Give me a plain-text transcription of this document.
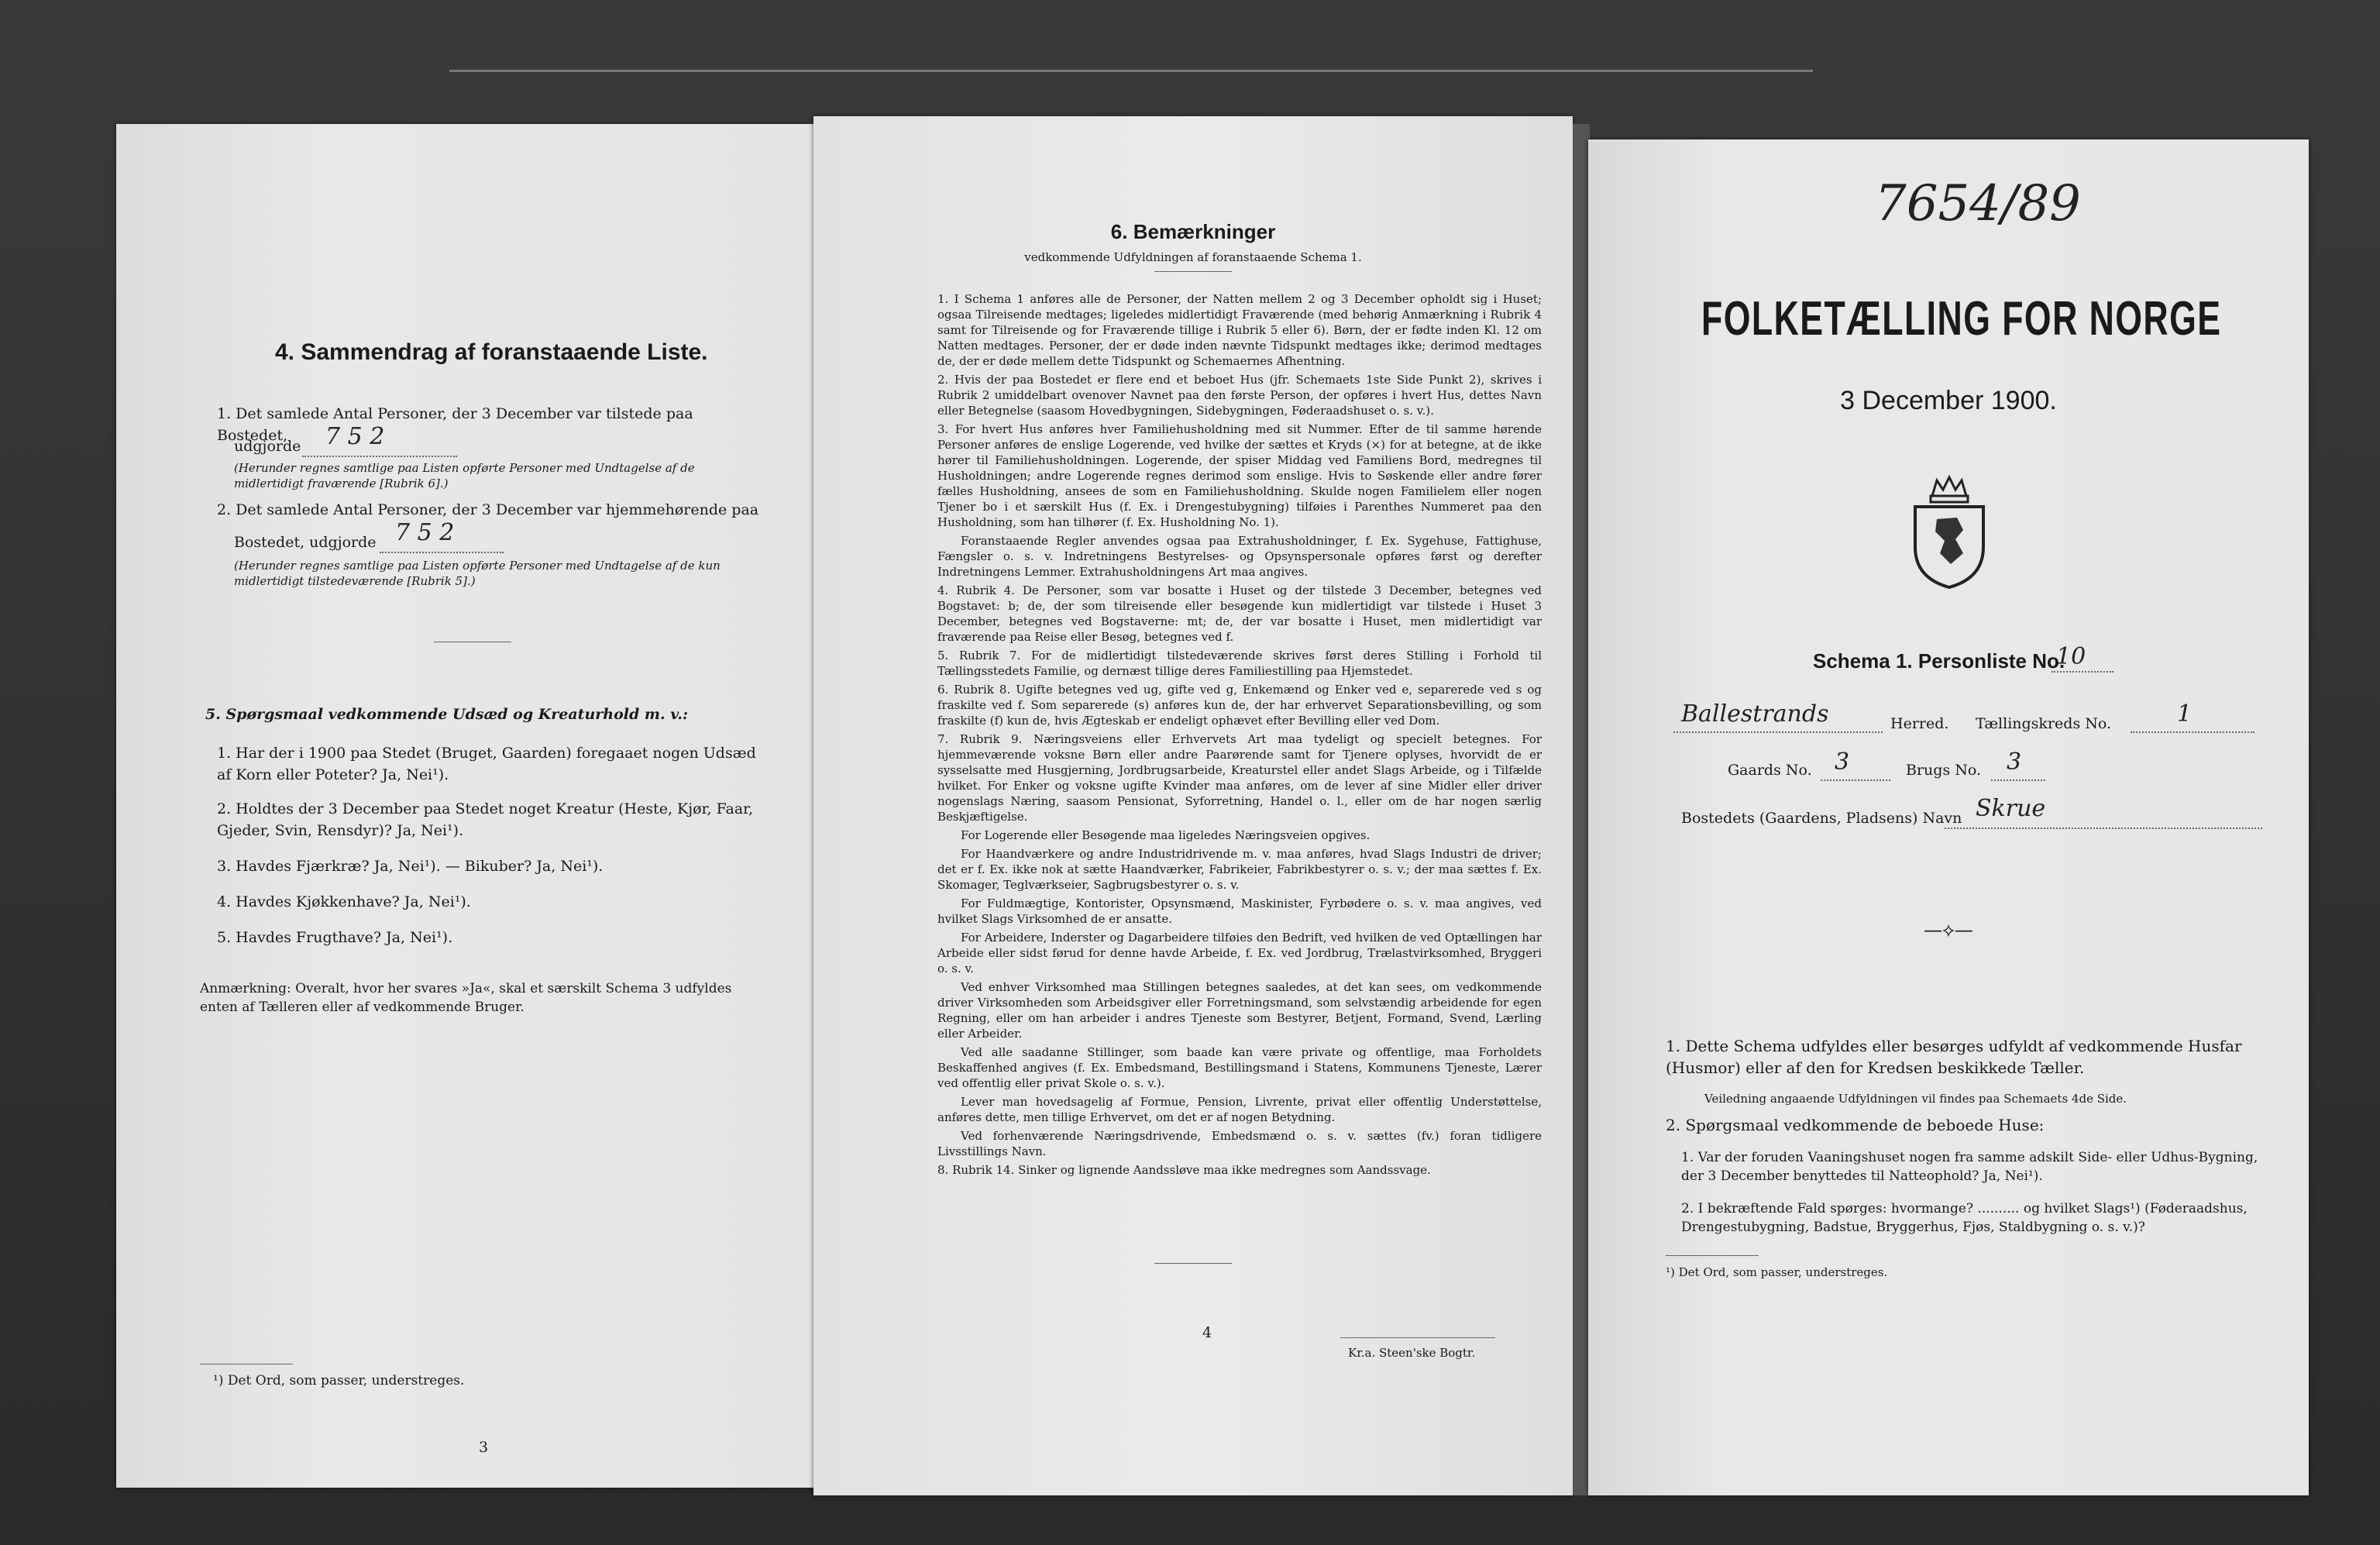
4. Sammendrag af foranstaaende Liste.
1. Det samlede Antal Personer, der 3 December var tilstede paa Bostedet,
udgjorde 7 5 2
(Herunder regnes samtlige paa Listen opførte Personer med Undtagelse af de midlertidigt fraværende [Rubrik 6].)
2. Det samlede Antal Personer, der 3 December var hjemmehørende paa
Bostedet, udgjorde 7 5 2
(Herunder regnes samtlige paa Listen opførte Personer med Undtagelse af de kun midlertidigt tilstedeværende [Rubrik 5].)
5. Spørgsmaal vedkommende Udsæd og Kreaturhold m. v.:
1. Har der i 1900 paa Stedet (Bruget, Gaarden) foregaaet nogen Udsæd af Korn eller Poteter? Ja, Nei¹).
2. Holdtes der 3 December paa Stedet noget Kreatur (Heste, Kjør, Faar, Gjeder, Svin, Rensdyr)? Ja, Nei¹).
3. Havdes Fjærkræ? Ja, Nei¹). — Bikuber? Ja, Nei¹).
4. Havdes Kjøkkenhave? Ja, Nei¹).
5. Havdes Frugthave? Ja, Nei¹).
Anmærkning: Overalt, hvor her svares »Ja«, skal et særskilt Schema 3 udfyldes enten af Tælleren eller af vedkommende Bruger.
¹) Det Ord, som passer, understreges.
3
6. Bemærkninger
vedkommende Udfyldningen af foranstaaende Schema 1.
1. I Schema 1 anføres alle de Personer, der Natten mellem 2 og 3 December opholdt sig i Huset; ogsaa Tilreisende medtages; ligeledes midlertidigt Fraværende (med behørig Anmærkning i Rubrik 4 samt for Tilreisende og for Fraværende tillige i Rubrik 5 eller 6). Børn, der er fødte inden Kl. 12 om Natten medtages. Personer, der er døde inden nævnte Tidspunkt medtages ikke; derimod medtages de, der er døde mellem dette Tidspunkt og Schemaernes Afhentning.
2. Hvis der paa Bostedet er flere end et beboet Hus (jfr. Schemaets 1ste Side Punkt 2), skrives i Rubrik 2 umiddelbart ovenover Navnet paa den første Person, der opføres i hvert Hus, dettes Navn eller Betegnelse (saasom Hovedbygningen, Sidebygningen, Føderaadshuset o. s. v.).
3. For hvert Hus anføres hver Familiehusholdning med sit Nummer. Efter de til samme hørende Personer anføres de enslige Logerende, ved hvilke der sættes et Kryds (×) for at betegne, at de ikke hører til Familiehusholdningen. Logerende, der spiser Middag ved Familiens Bord, medregnes til Husholdningen; andre Logerende regnes derimod som enslige. Hvis to Søskende eller andre fører fælles Husholdning, ansees de som en Familiehusholdning. Skulde nogen Familielem eller nogen Tjener bo i et særskilt Hus (f. Ex. i Drengestubygning) tilføies i Parenthes Nummeret paa den Husholdning, som han tilhører (f. Ex. Husholdning No. 1).
Foranstaaende Regler anvendes ogsaa paa Extrahusholdninger, f. Ex. Sygehuse, Fattighuse, Fængsler o. s. v. Indretningens Bestyrelses- og Opsynspersonale opføres først og derefter Indretningens Lemmer. Extrahusholdningens Art maa angives.
4. Rubrik 4. De Personer, som var bosatte i Huset og der tilstede 3 December, betegnes ved Bogstavet: b; de, der som tilreisende eller besøgende kun midlertidigt var tilstede i Huset 3 December, betegnes ved Bogstaverne: mt; de, der var bosatte i Huset, men midlertidigt var fraværende paa Reise eller Besøg, betegnes ved f.
5. Rubrik 7. For de midlertidigt tilstedeværende skrives først deres Stilling i Forhold til Tællingsstedets Familie, og dernæst tillige deres Familiestilling paa Hjemstedet.
6. Rubrik 8. Ugifte betegnes ved ug, gifte ved g, Enkemænd og Enker ved e, separerede ved s og fraskilte ved f. Som separerede (s) anføres kun de, der har erhvervet Separationsbevilling, og som fraskilte (f) kun de, hvis Ægteskab er endeligt ophævet efter Bevilling eller ved Dom.
7. Rubrik 9. Næringsveiens eller Erhvervets Art maa tydeligt og specielt betegnes. For hjemmeværende voksne Børn eller andre Paarørende samt for Tjenere oplyses, hvorvidt de er sysselsatte med Husgjerning, Jordbrugsarbeide, Kreaturstel eller andet Slags Arbeide, og i Tilfælde hvilket. For Enker og voksne ugifte Kvinder maa anføres, om de lever af sine Midler eller driver nogenslags Næring, saasom Pensionat, Syforretning, Handel o. l., eller om de har nogen særlig Beskjæftigelse.
For Logerende eller Besøgende maa ligeledes Næringsveien opgives.
For Haandværkere og andre Industridrivende m. v. maa anføres, hvad Slags Industri de driver; det er f. Ex. ikke nok at sætte Haandværker, Fabrikeier, Fabrikbestyrer o. s. v.; der maa sættes f. Ex. Skomager, Teglværkseier, Sagbrugsbestyrer o. s. v.
For Fuldmægtige, Kontorister, Opsynsmænd, Maskinister, Fyrbødere o. s. v. maa angives, ved hvilket Slags Virksomhed de er ansatte.
For Arbeidere, Inderster og Dagarbeidere tilføies den Bedrift, ved hvilken de ved Optællingen har Arbeide eller sidst førud for denne havde Arbeide, f. Ex. ved Jordbrug, Trælastvirksomhed, Bryggeri o. s. v.
Ved enhver Virksomhed maa Stillingen betegnes saaledes, at det kan sees, om vedkommende driver Virksomheden som Arbeidsgiver eller Forretningsmand, som selvstændig arbeidende for egen Regning, eller om han arbeider i andres Tjeneste som Bestyrer, Betjent, Formand, Svend, Lærling eller Arbeider.
Ved alle saadanne Stillinger, som baade kan være private og offentlige, maa Forholdets Beskaffenhed angives (f. Ex. Embedsmand, Bestillingsmand i Statens, Kommunens Tjeneste, Lærer ved offentlig eller privat Skole o. s. v.).
Lever man hovedsagelig af Formue, Pension, Livrente, privat eller offentlig Understøttelse, anføres dette, men tillige Erhvervet, om det er af nogen Betydning.
Ved forhenværende Næringsdrivende, Embedsmænd o. s. v. sættes (fv.) foran tidligere Livsstillings Navn.
8. Rubrik 14. Sinker og lignende Aandssløve maa ikke medregnes som Aandssvage.
4
Kr.a. Steen'ske Bogtr.
7654/89
FOLKETÆLLING FOR NORGE
3 December 1900.
Schema 1. Personliste No.
10
Ballestrands	Herred. Tællingskreds No.	1
Gaards No. 3	Brugs No. 3
Bostedets (Gaardens, Pladsens) Navn Skrue
—⟡—
1. Dette Schema udfyldes eller besørges udfyldt af vedkommende Husfar (Husmor) eller af den for Kredsen beskikkede Tæller.
Veiledning angaaende Udfyldningen vil findes paa Schemaets 4de Side.
2. Spørgsmaal vedkommende de beboede Huse:
1. Var der foruden Vaaningshuset nogen fra samme adskilt Side- eller Udhus-Bygning, der 3 December benyttedes til Natteophold? Ja, Nei¹).
2. I bekræftende Fald spørges: hvormange? .......... og hvilket Slags¹) (Føderaadshus, Drengestubygning, Badstue, Bryggerhus, Fjøs, Staldbygning o. s. v.)?
¹) Det Ord, som passer, understreges.
